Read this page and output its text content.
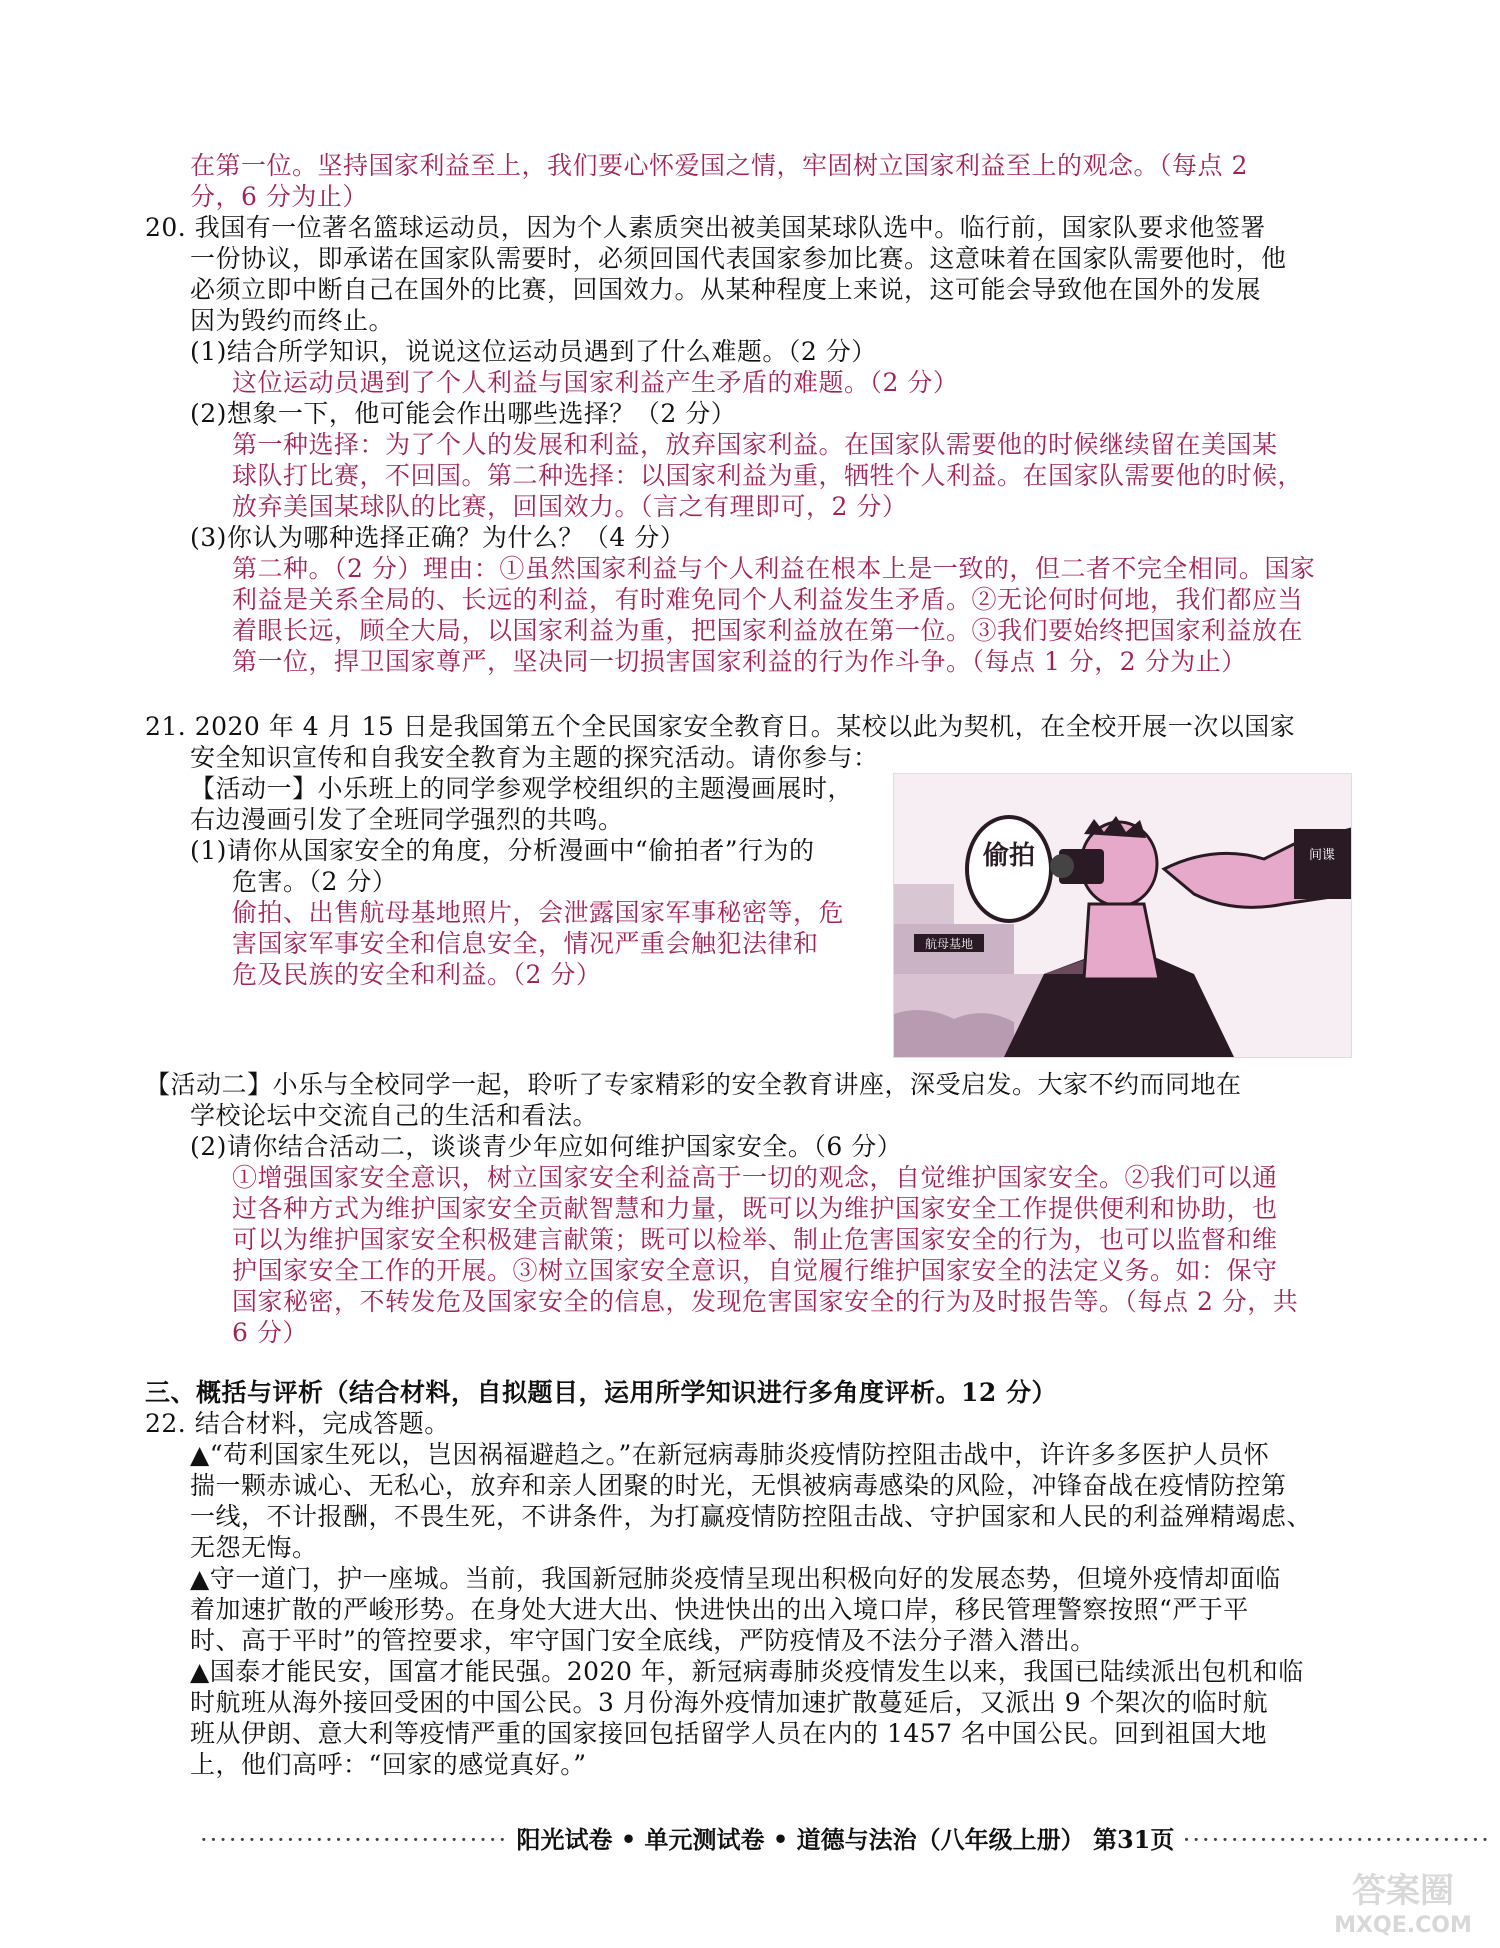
在第一位。坚持国家利益至上，我们要心怀爱国之情，牢固树立国家利益至上的观念。（每点 2
分，6 分为止）
20. 我国有一位著名篮球运动员，因为个人素质突出被美国某球队选中。临行前，国家队要求他签署
一份协议，即承诺在国家队需要时，必须回国代表国家参加比赛。这意味着在国家队需要他时，他
必须立即中断自己在国外的比赛，回国效力。从某种程度上来说，这可能会导致他在国外的发展
因为毁约而终止。
(1)结合所学知识，说说这位运动员遇到了什么难题。（2 分）
这位运动员遇到了个人利益与国家利益产生矛盾的难题。（2 分）
(2)想象一下，他可能会作出哪些选择？（2 分）
第一种选择：为了个人的发展和利益，放弃国家利益。在国家队需要他的时候继续留在美国某
球队打比赛，不回国。第二种选择：以国家利益为重，牺牲个人利益。在国家队需要他的时候，
放弃美国某球队的比赛，回国效力。（言之有理即可，2 分）
(3)你认为哪种选择正确？为什么？（4 分）
第二种。（2 分）理由：①虽然国家利益与个人利益在根本上是一致的，但二者不完全相同。国家
利益是关系全局的、长远的利益，有时难免同个人利益发生矛盾。②无论何时何地，我们都应当
着眼长远，顾全大局，以国家利益为重，把国家利益放在第一位。③我们要始终把国家利益放在
第一位，捍卫国家尊严，坚决同一切损害国家利益的行为作斗争。（每点 1 分，2 分为止）
21. 2020 年 4 月 15 日是我国第五个全民国家安全教育日。某校以此为契机，在全校开展一次以国家
安全知识宣传和自我安全教育为主题的探究活动。请你参与：
【活动一】小乐班上的同学参观学校组织的主题漫画展时，
右边漫画引发了全班同学强烈的共鸣。
(1)请你从国家安全的角度，分析漫画中“偷拍者”行为的
危害。（2 分）
偷拍、出售航母基地照片，会泄露国家军事秘密等，危
害国家军事安全和信息安全，情况严重会触犯法律和
危及民族的安全和利益。（2 分）
航母基地
偷拍	间谍
【活动二】小乐与全校同学一起，聆听了专家精彩的安全教育讲座，深受启发。大家不约而同地在
学校论坛中交流自己的生活和看法。
(2)请你结合活动二，谈谈青少年应如何维护国家安全。（6 分）
①增强国家安全意识，树立国家安全利益高于一切的观念，自觉维护国家安全。②我们可以通
过各种方式为维护国家安全贡献智慧和力量，既可以为维护国家安全工作提供便利和协助，也
可以为维护国家安全积极建言献策；既可以检举、制止危害国家安全的行为，也可以监督和维
护国家安全工作的开展。③树立国家安全意识，自觉履行维护国家安全的法定义务。如：保守
国家秘密，不转发危及国家安全的信息，发现危害国家安全的行为及时报告等。（每点 2 分，共
6 分）
三、概括与评析（结合材料，自拟题目，运用所学知识进行多角度评析。12 分）
22. 结合材料，完成答题。
▲“苟利国家生死以，岂因祸福避趋之。”在新冠病毒肺炎疫情防控阻击战中，许许多多医护人员怀
揣一颗赤诚心、无私心，放弃和亲人团聚的时光，无惧被病毒感染的风险，冲锋奋战在疫情防控第
一线，不计报酬，不畏生死，不讲条件，为打赢疫情防控阻击战、守护国家和人民的利益殚精竭虑、
无怨无悔。
▲守一道门，护一座城。当前，我国新冠肺炎疫情呈现出积极向好的发展态势，但境外疫情却面临
着加速扩散的严峻形势。在身处大进大出、快进快出的出入境口岸，移民管理警察按照“严于平
时、高于平时”的管控要求，牢守国门安全底线，严防疫情及不法分子潜入潜出。
▲国泰才能民安，国富才能民强。2020 年，新冠病毒肺炎疫情发生以来，我国已陆续派出包机和临
时航班从海外接回受困的中国公民。3 月份海外疫情加速扩散蔓延后，又派出 9 个架次的临时航
班从伊朗、意大利等疫情严重的国家接回包括留学人员在内的 1457 名中国公民。回到祖国大地
上，他们高呼：“回家的感觉真好。”
································ 阳光试卷 • 单元测试卷 • 道德与法治（八年级上册） 第31页 ································
答案圈
MXQE.COM
